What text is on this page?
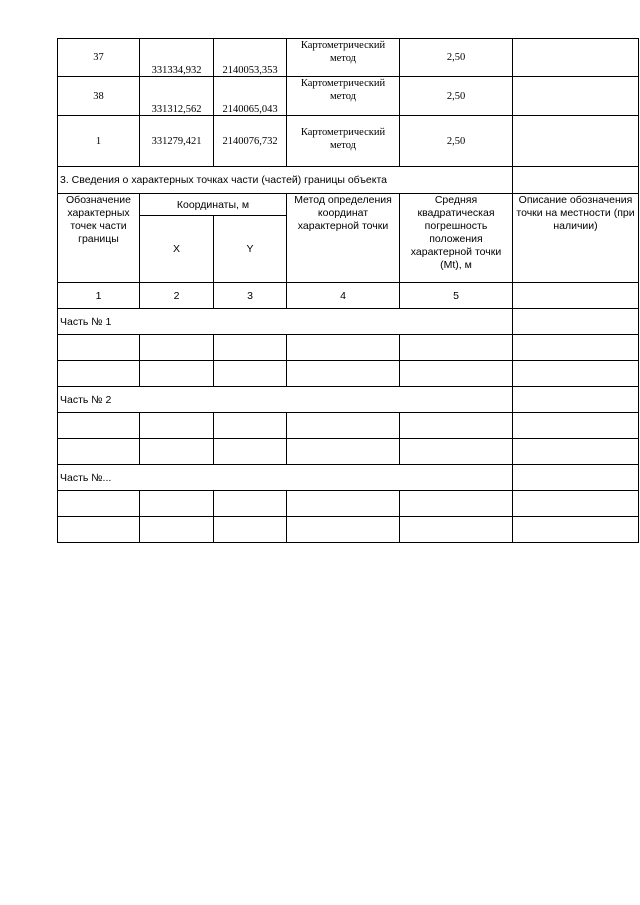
37	331334,932	2140053,353	Картометрический метод	2,50	
38	331312,562	2140065,043	Картометрический метод	2,50	
1	331279,421	2140076,732	Картометрический метод	2,50	
3. Сведения о характерных точках части (частей) границы объекта					
Обозначение характерных точек части границы	Координаты, м		Метод определения координат характерной точки	Средняя квадратическая погрешность положения характерной точки (Mt), м	Описание обозначения точки на местности (при наличии)
	X	Y			
1	2	3	4	5	
Часть № 1					

Часть № 2					

Часть №...					
